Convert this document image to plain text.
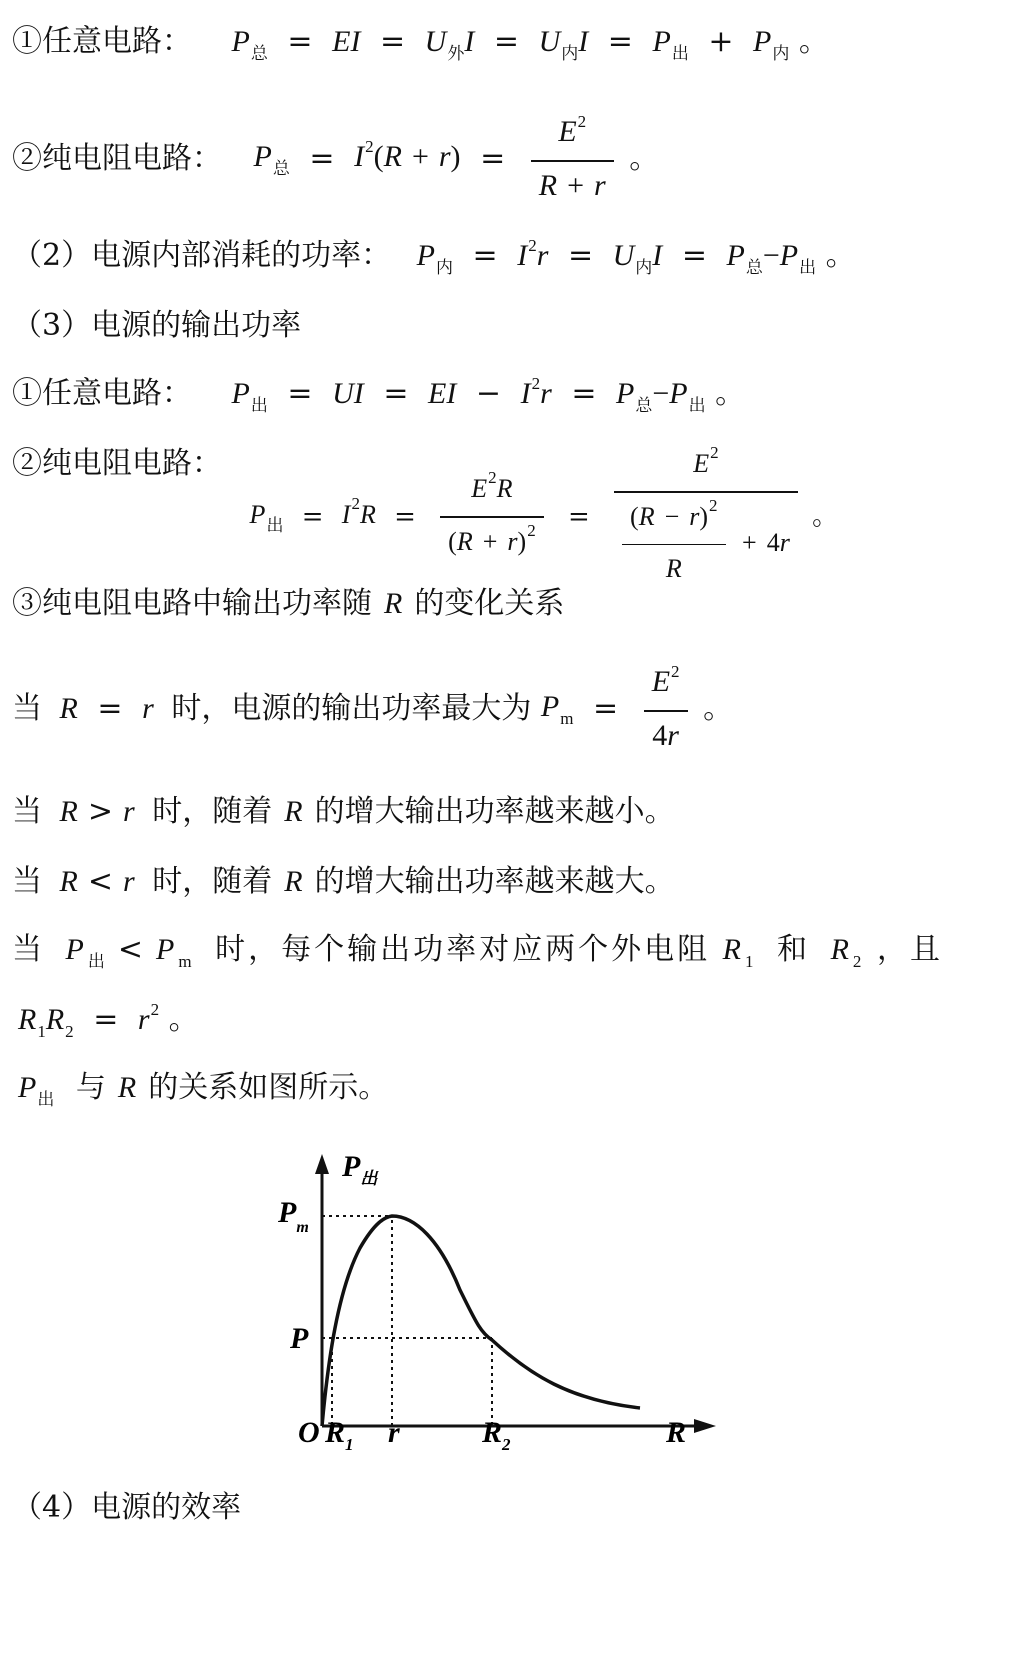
①任意电路： $P_总$ = EI = $U_外I = U_内I = P_出 + P_内$ 。
②纯电阻电路： $P_总 = I^2(R + r) = \frac{E^2}{R + r}$ 。
（2）电源内部消耗的功率： $P_内 = I^2r = U_内I = P_总-P_出$ 。
（3）电源的输出功率
①任意电路： $P_出$ = UI = EI − $I^2r = P_总-P_出$ 。
②纯电阻电路： $P_出 = I^2R = \frac{E^2R}{(R + r)^2} = \frac{E^2}{\frac{(R - r)^2}{R} + 4r}$ 。
③纯电阻电路中输出功率随 R 的变化关系
当 R = r 时，电源的输出功率最大为 $P_m = \frac{E^2}{4r}$ 。
当 R > r 时，随着 R 的增大输出功率越来越小。
当 R < r 时，随着 R 的增大输出功率越来越大。
当 $P_出 < P_m$ 时，每个输出功率对应两个外电阻 $R_1$ 和 $R_2$ ，且
$R_1R_2 = r^2$ 。
$P_出$ 与 R 的关系如图所示。
$P_出$
$P_m$
P
O $R_1$ r	$R_2$	R
（4）电源的效率
